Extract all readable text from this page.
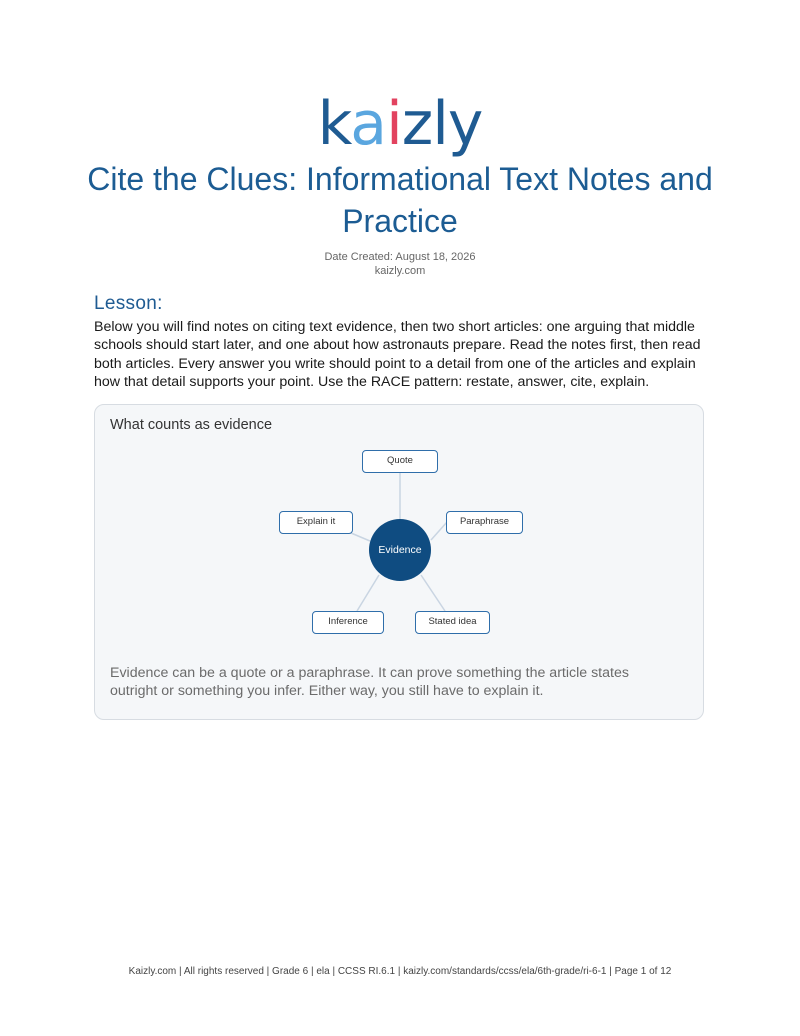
kaizly
Cite the Clues: Informational Text Notes and Practice
Date Created: August 18, 2026
kaizly.com
Lesson:

Below you will find notes on citing text evidence, then two short articles: one arguing that middle schools should start later, and one about how astronauts prepare. Read the notes first, then read both articles. Every answer you write should point to a detail from one of the articles and explain how that detail supports your point. Use the RACE pattern: restate, answer, cite, explain.

What counts as evidence
Quote
Paraphrase
Explain it
Evidence
Inference	Stated idea

Evidence can be a quote or a paraphrase. It can prove something the article states outright or something you infer. Either way, you still have to explain it.

Kaizly.com | All rights reserved | Grade 6 | ela | CCSS RI.6.1 | kaizly.com/standards/ccss/ela/6th-grade/ri-6-1 | Page 1 of 12
